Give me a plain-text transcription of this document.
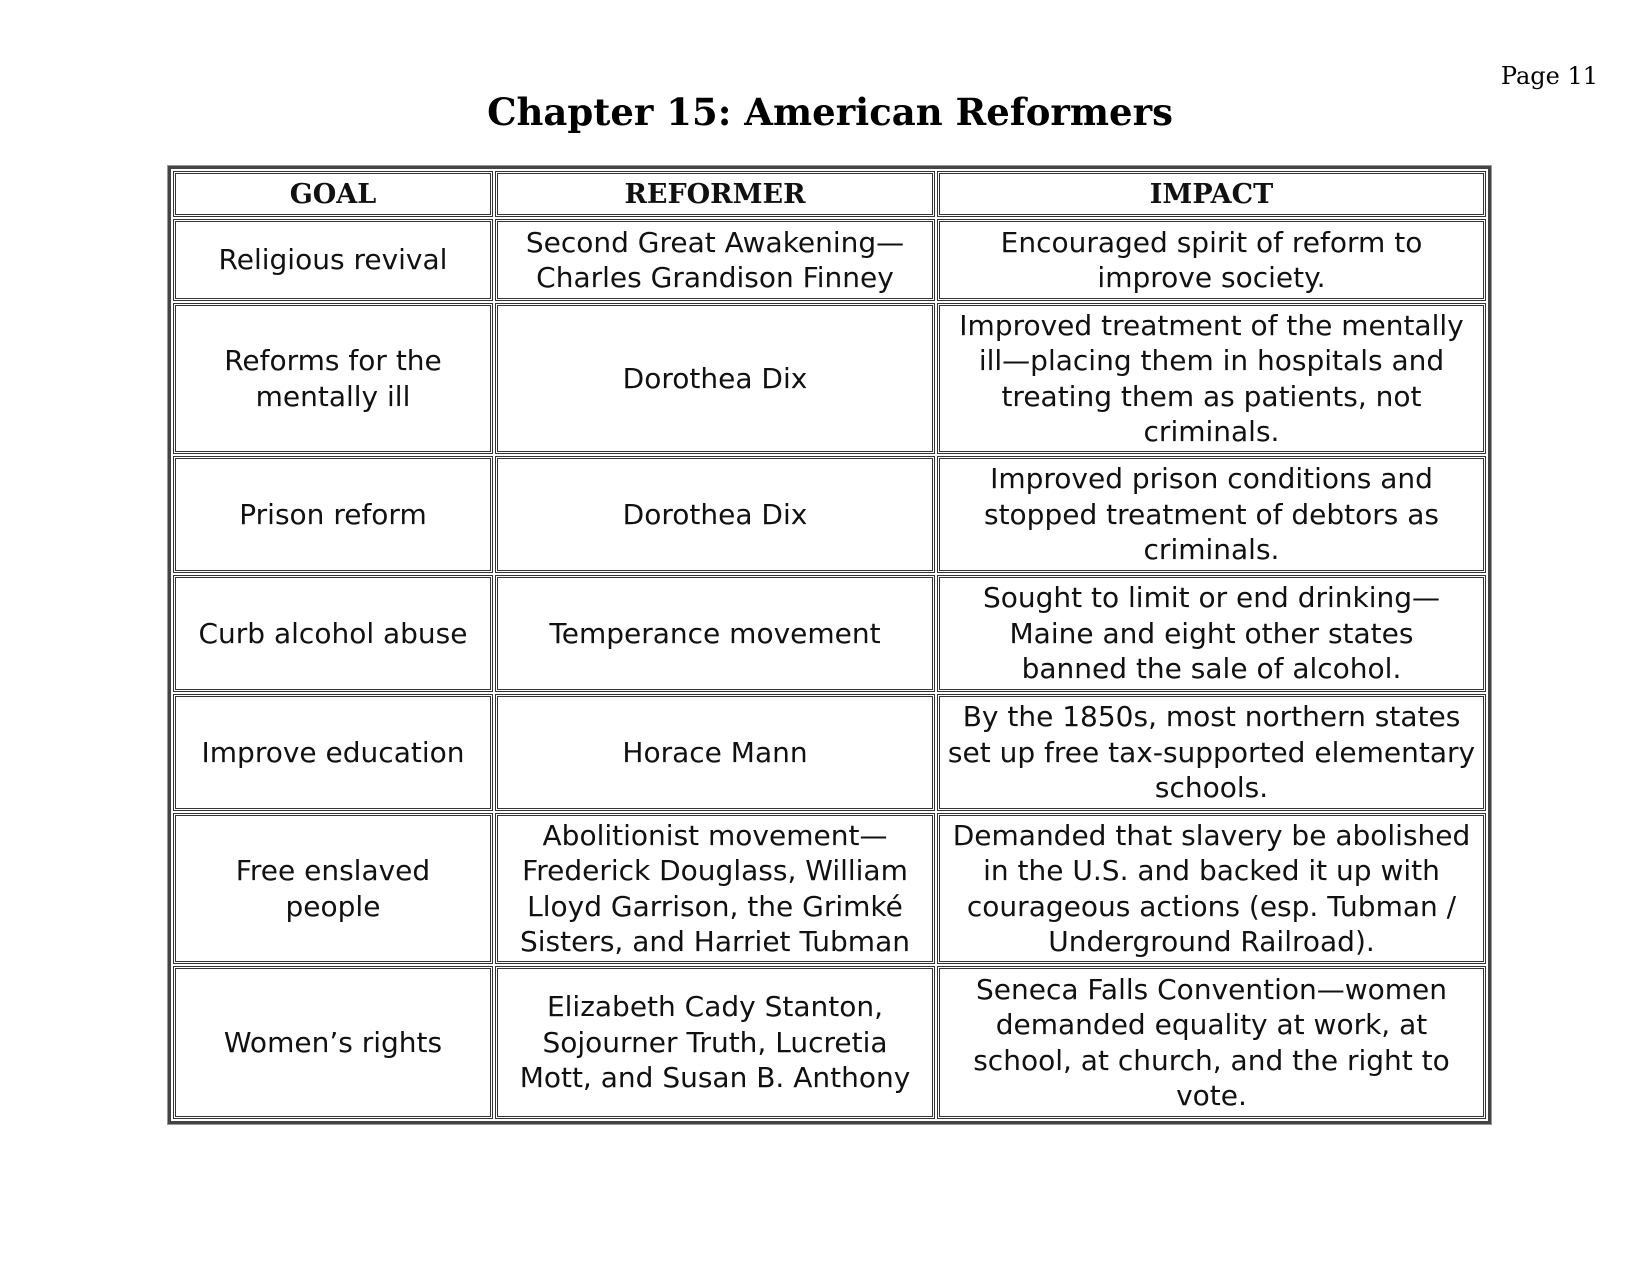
Page 11
Chapter 15: American Reformers
GOAL	REFORMER	IMPACT
Religious revival	Second Great Awakening—Charles Grandison Finney	Encouraged spirit of reform to improve society.
Reforms for the mentally ill	Dorothea Dix	Improved treatment of the mentally ill—placing them in hospitals and treating them as patients, not criminals.
Prison reform	Dorothea Dix	Improved prison conditions and stopped treatment of debtors as criminals.
Curb alcohol abuse	Temperance movement	Sought to limit or end drinking—Maine and eight other states banned the sale of alcohol.
Improve education	Horace Mann	By the 1850s, most northern states set up free tax-supported elementary schools.
Free enslaved people	Abolitionist movement—Frederick Douglass, William Lloyd Garrison, the Grimké Sisters, and Harriet Tubman	Demanded that slavery be abolished in the U.S. and backed it up with courageous actions (esp. Tubman / Underground Railroad).
Women’s rights	Elizabeth Cady Stanton, Sojourner Truth, Lucretia Mott, and Susan B. Anthony	Seneca Falls Convention—women demanded equality at work, at school, at church, and the right to vote.
